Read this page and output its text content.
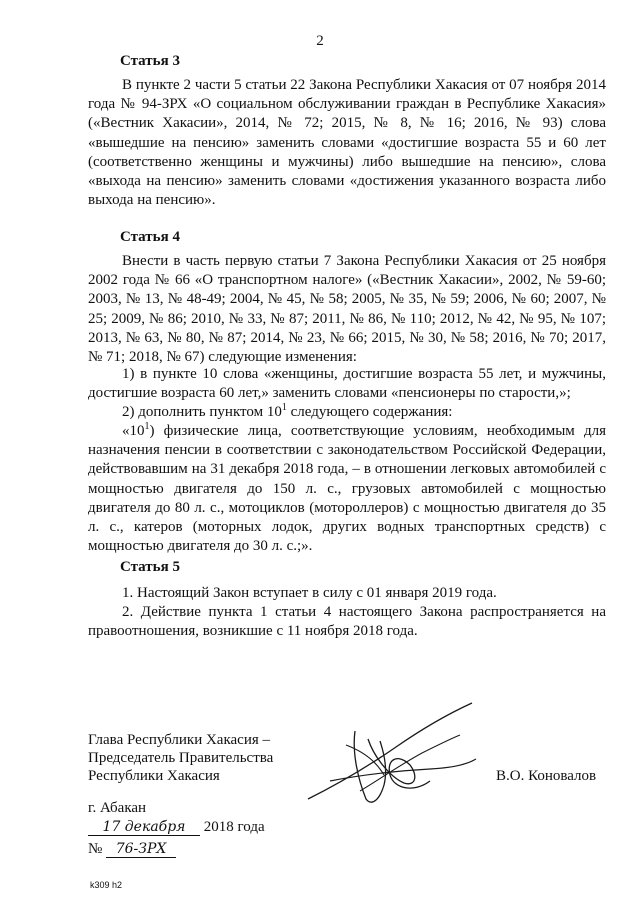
2
Статья 3
В пункте 2 части 5 статьи 22 Закона Республики Хакасия от 07 ноября 2014 года № 94-ЗРХ «О социальном обслуживании граждан в Республике Хакасия» («Вестник Хакасии», 2014, № 72; 2015, № 8, № 16; 2016, № 93) слова «вышедшие на пенсию» заменить словами «достигшие возраста 55 и 60 лет (соответственно женщины и мужчины) либо вышедшие на пенсию», слова «выхода на пенсию» заменить словами «достижения указанного возраста либо выхода на пенсию».
Статья 4
Внести в часть первую статьи 7 Закона Республики Хакасия от 25 ноября 2002 года № 66 «О транспортном налоге» («Вестник Хакасии», 2002, № 59-60; 2003, № 13, № 48-49; 2004, № 45, № 58; 2005, № 35, № 59; 2006, № 60; 2007, № 25; 2009, № 86; 2010, № 33, № 87; 2011, № 86, № 110; 2012, № 42, № 95, № 107; 2013, № 63, № 80, № 87; 2014, № 23, № 66; 2015, № 30, № 58; 2016, № 70; 2017, № 71; 2018, № 67) следующие изменения:
1) в пункте 10 слова «женщины, достигшие возраста 55 лет, и мужчины, достигшие возраста 60 лет,» заменить словами «пенсионеры по старости,»;
2) дополнить пунктом $10^1$ следующего содержания:
«$10^1$) физические лица, соответствующие условиям, необходимым для назначения пенсии в соответствии с законодательством Российской Федерации, действовавшим на 31 декабря 2018 года, – в отношении легковых автомобилей с мощностью двигателя до 150 л. с., грузовых автомобилей с мощностью двигателя до 80 л. с., мотоциклов (мотороллеров) с мощностью двигателя до 35 л. с., катеров (моторных лодок, других водных транспортных средств) с мощностью двигателя до 30 л. с.;».
Статья 5
1. Настоящий Закон вступает в силу с 01 января 2019 года.
2. Действие пункта 1 статьи 4 настоящего Закона распространяется на правоотношения, возникшие с 11 ноября 2018 года.
Глава Республики Хакасия –
Председатель Правительства
Республики Хакасия	В.О. Коновалов
г. Абакан
17 декабря 2018 года
№ 76-ЗРХ
k309 h2
